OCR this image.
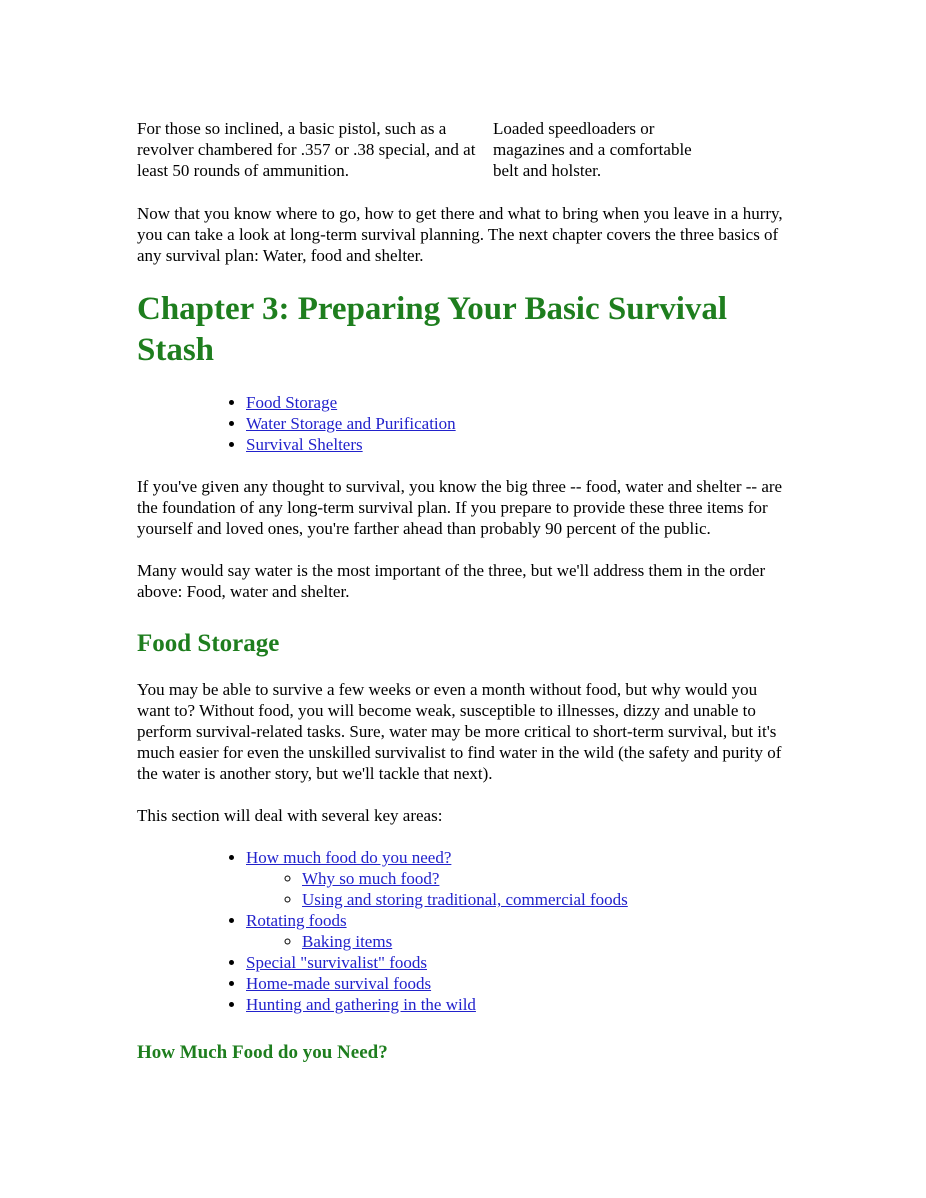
For those so inclined, a basic pistol, such as a revolver chambered for .357 or .38 special, and at least 50 rounds of ammunition.
Loaded speedloaders or magazines and a comfortable belt and holster.

Now that you know where to go, how to get there and what to bring when you leave in a hurry, you can take a look at long-term survival planning. The next chapter covers the three basics of any survival plan: Water, food and shelter.

Chapter 3: Preparing Your Basic Survival Stash
• Food Storage
• Water Storage and Purification
• Survival Shelters

If you've given any thought to survival, you know the big three -- food, water and shelter -- are the foundation of any long-term survival plan. If you prepare to provide these three items for yourself and loved ones, you're farther ahead than probably 90 percent of the public.

Many would say water is the most important of the three, but we'll address them in the order above: Food, water and shelter.

Food Storage

You may be able to survive a few weeks or even a month without food, but why would you want to? Without food, you will become weak, susceptible to illnesses, dizzy and unable to perform survival-related tasks. Sure, water may be more critical to short-term survival, but it's much easier for even the unskilled survivalist to find water in the wild (the safety and purity of the water is another story, but we'll tackle that next).

This section will deal with several key areas:

• How much food do you need?
◦ Why so much food?
◦ Using and storing traditional, commercial foods
• Rotating foods
◦ Baking items
• Special "survivalist" foods
• Home-made survival foods
• Hunting and gathering in the wild
How Much Food do you Need?
